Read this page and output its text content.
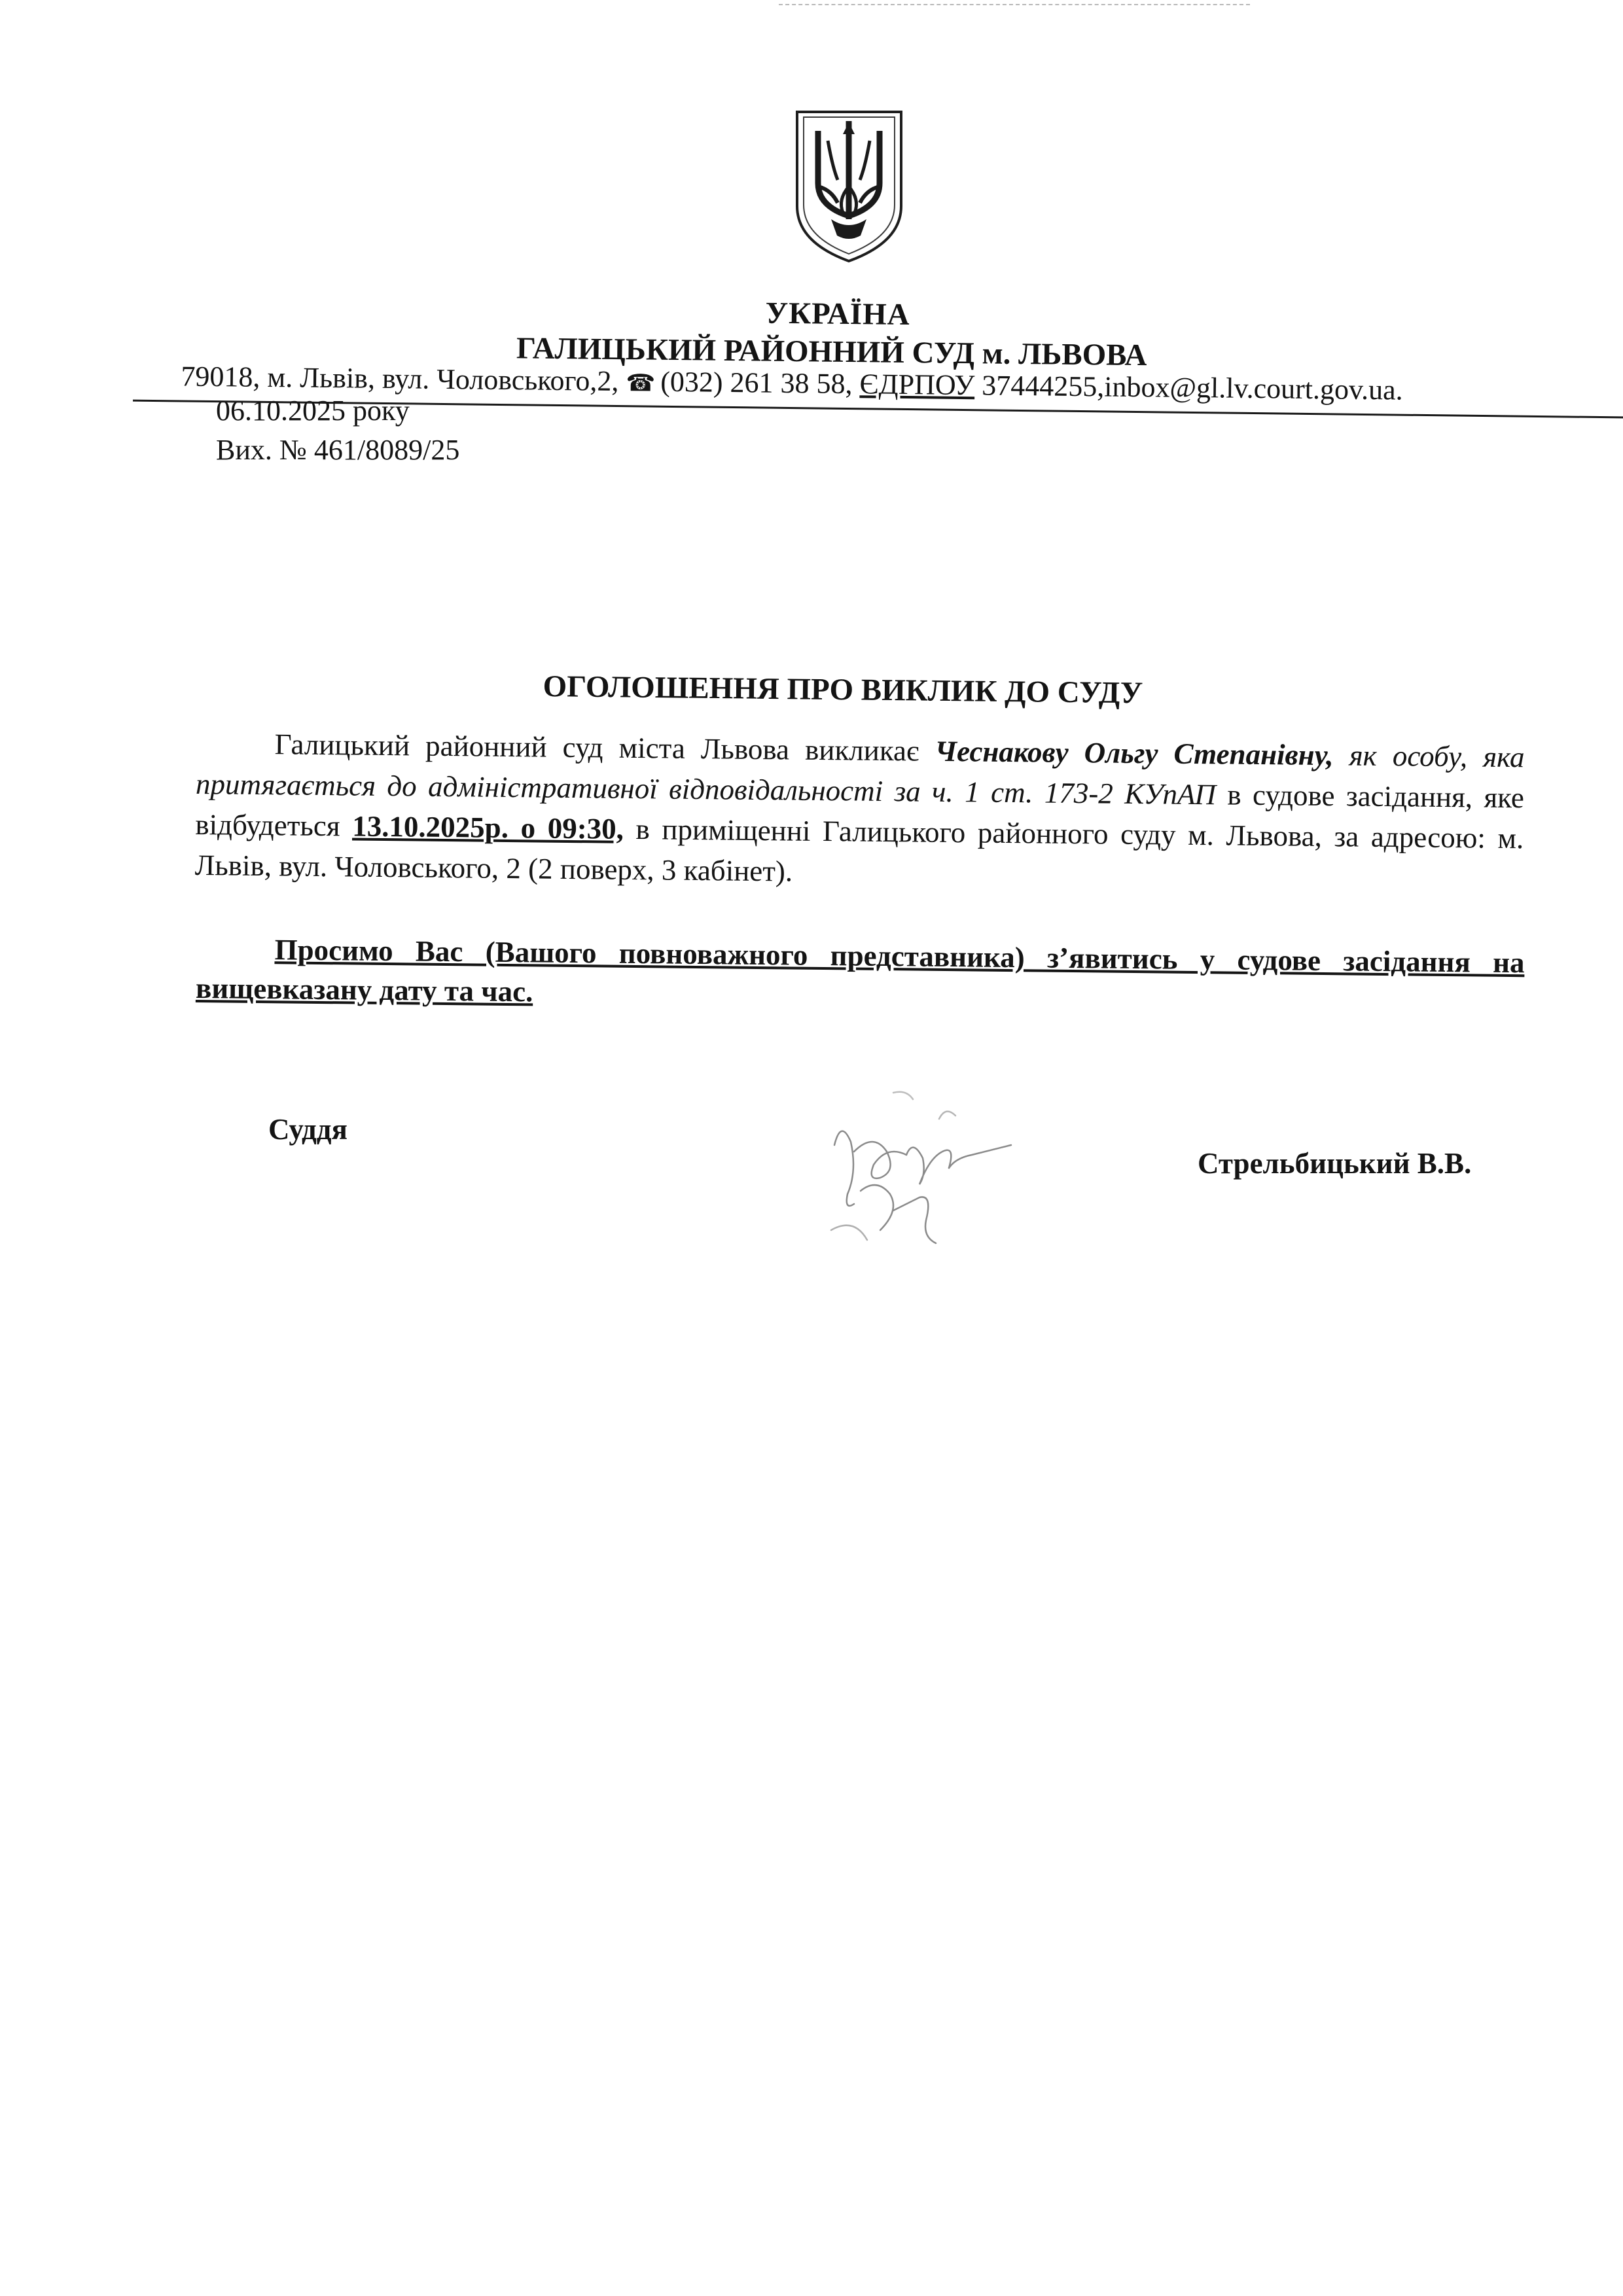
УКРАЇНА
ГАЛИЦЬКИЙ РАЙОННИЙ СУД м. ЛЬВОВА
79018, м. Львів, вул. Чоловського,2, ☎ (032) 261 38 58, ЄДРПОУ 37444255,inbox@gl.lv.court.gov.ua.
06.10.2025 року
Вих. № 461/8089/25
ОГОЛОШЕННЯ ПРО ВИКЛИК ДО СУДУ

Галицький районний суд міста Львова викликає Чеснакову Ольгу Степанівну, як особу, яка притягається до адміністративної відповідальності за ч. 1 ст. 173-2 КУпАП в судове засідання, яке відбудеться 13.10.2025р. о 09:30, в приміщенні Галицького районного суду м. Львова, за адресою: м. Львів, вул. Чоловського, 2 (2 поверх, 3 кабінет).

Просимо Вас (Вашого повноважного представника) з’явитись у судове засідання на вищевказану дату та час.

Суддя
Стрельбицький В.В.
